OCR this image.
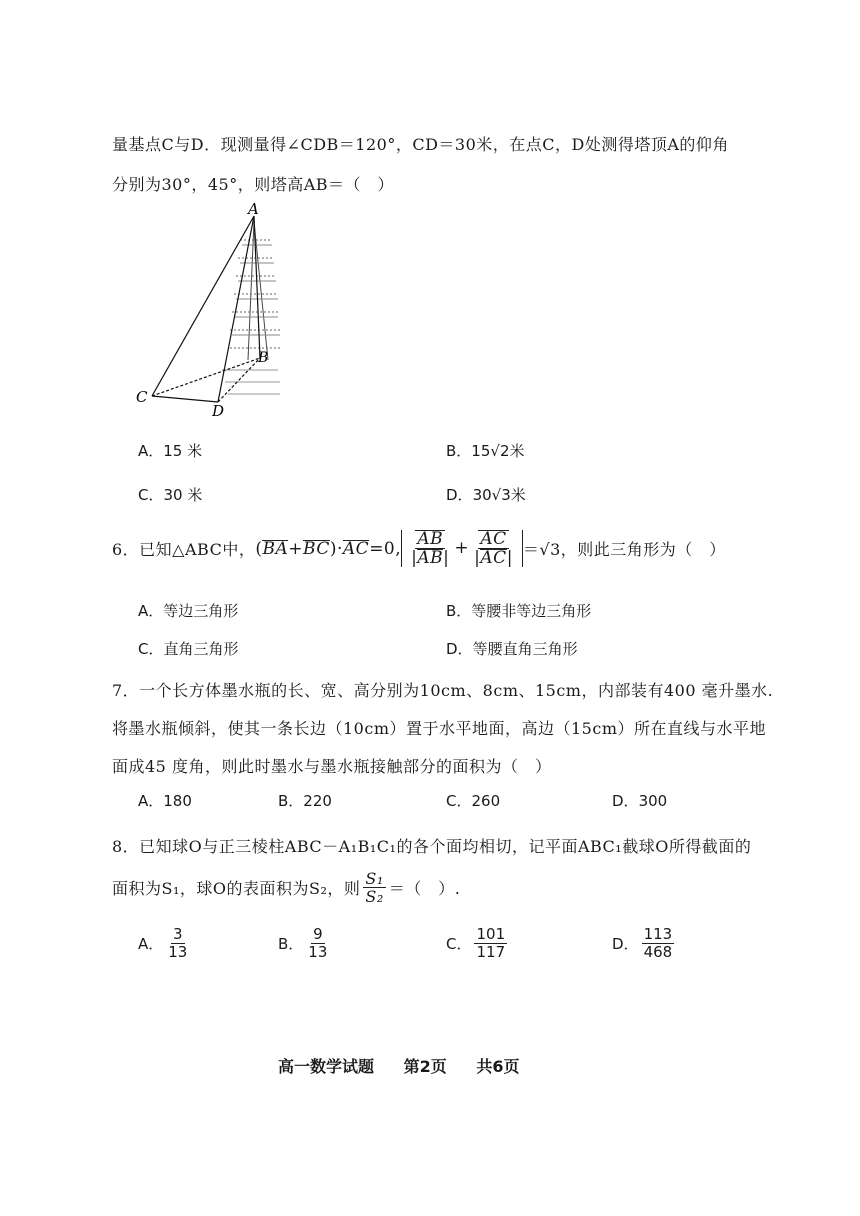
量基点C与D．现测量得∠CDB＝120°，CD＝30米，在点C，D处测得塔顶A的仰角
分别为30°，45°，则塔高AB＝（　）
A
B
C
D
A．15 米	B．15√2米
C．30 米	D．30√3米
6．已知△ABC中， (BA+BC)·AC=0, $\frac{AB}{|AB|} + \frac{AC}{|AC|} =√3$，则此三角形为（　）
A．等边三角形	B．等腰非等边三角形
C．直角三角形	D．等腰直角三角形
7．一个长方体墨水瓶的长、宽、高分别为10cm、8cm、15cm，内部装有400 毫升墨水.
将墨水瓶倾斜，使其一条长边（10cm）置于水平地面，高边（15cm）所在直线与水平地
面成45 度角，则此时墨水与墨水瓶接触部分的面积为（　）
A．180	B．220	C．260	D．300
8．已知球O与正三棱柱ABC－A₁B₁C₁的各个面均相切，记平面ABC₁截球O所得截面的
面积为S₁，球O的表面积为S₂，则 $\frac{\text{S₁}}{\text{S₂}}$ ＝（　）.
A． $\frac{3}{13}$	B． $\frac{9}{13}$	C． $\frac{101}{117}$	D． $\frac{113}{468}$
高一数学试题 第2页 共6页
